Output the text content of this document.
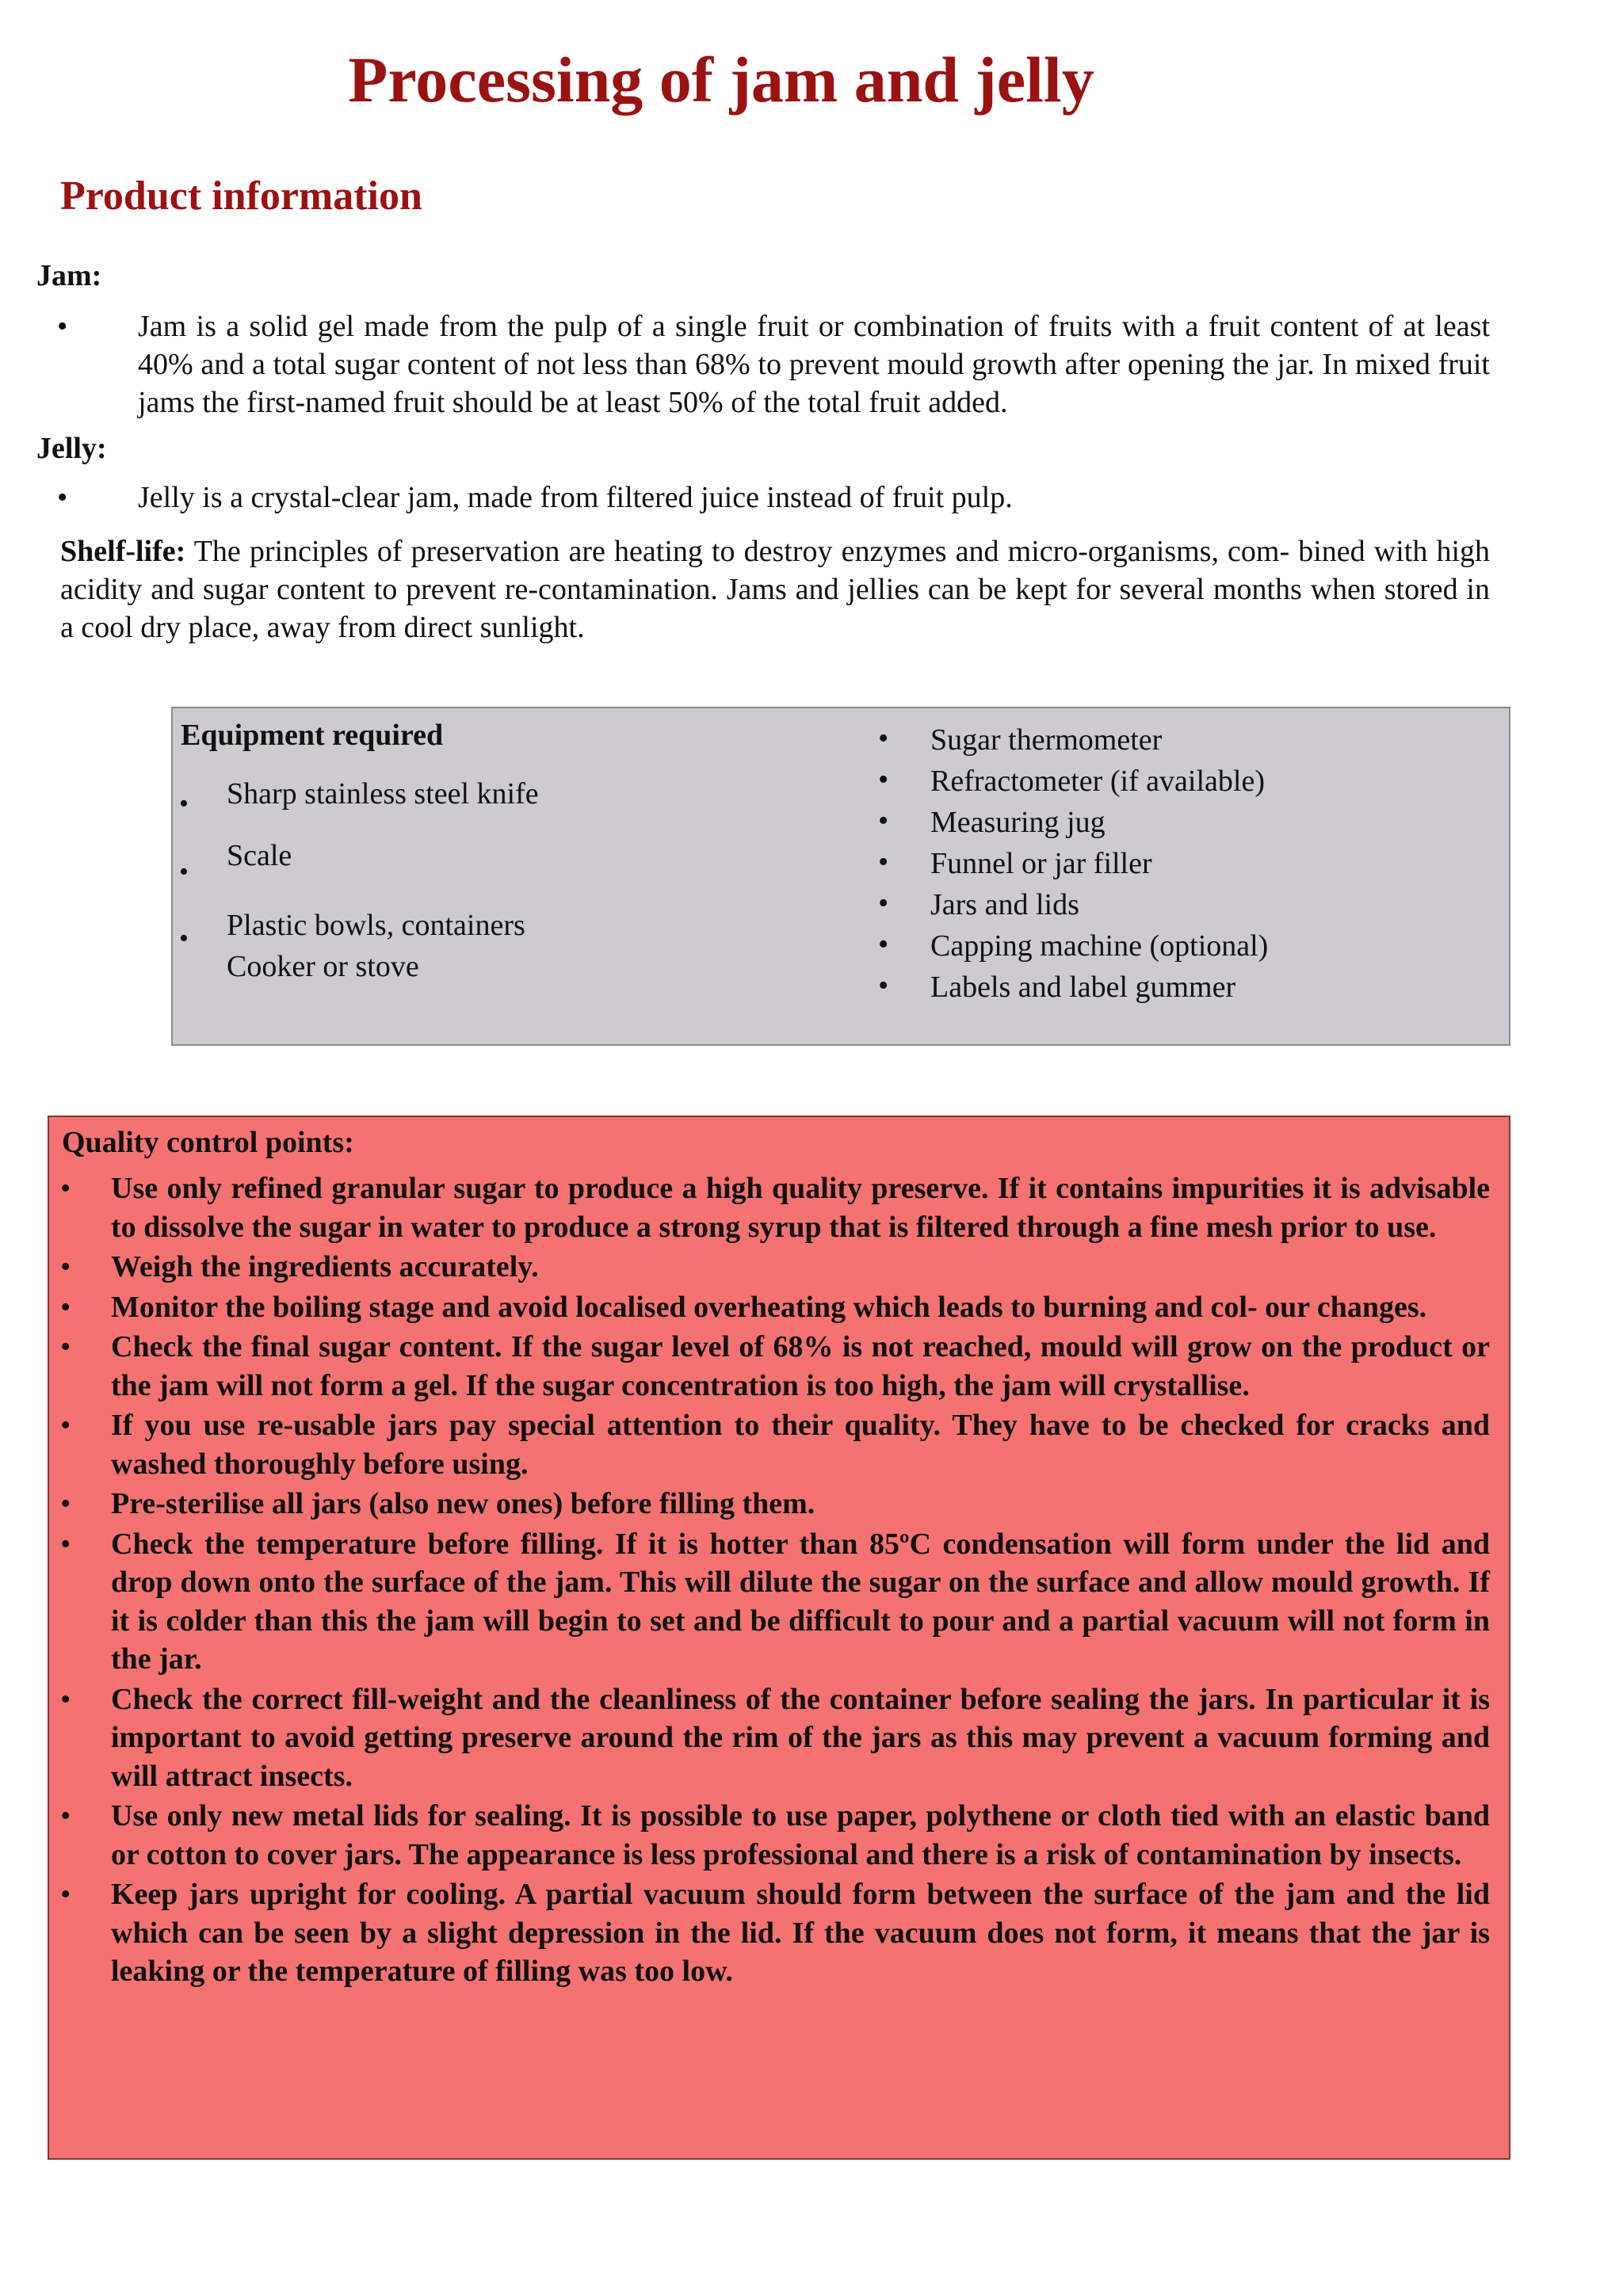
Processing of jam and jelly
Product information

Jam:

• Jam is a solid gel made from the pulp of a single fruit or combination of fruits with a fruit content of at least 40% and a total sugar content of not less than 68% to prevent mould growth after opening the jar. In mixed fruit jams the first-named fruit should be at least 50% of the total fruit added.

Jelly:

• Jelly is a crystal-clear jam, made from filtered juice instead of fruit pulp.
Shelf-life: The principles of preservation are heating to destroy enzymes and micro-organisms, com- bined with high acidity and sugar content to prevent re-contamination. Jams and jellies can be kept for several months when stored in a cool dry place, away from direct sunlight.

Equipment required

• Sharp stainless steel knife
• Scale
• Plastic bowls, containers
Cooker or stove
• Sugar thermometer
• Refractometer (if available)
• Measuring jug
• Funnel or jar filler
• Jars and lids
• Capping machine (optional)
• Labels and label gummer

Quality control points:

• Use only refined granular sugar to produce a high quality preserve. If it contains impurities it is advisable to dissolve the sugar in water to produce a strong syrup that is filtered through a fine mesh prior to use.
• Weigh the ingredients accurately.
• Monitor the boiling stage and avoid localised overheating which leads to burning and col- our changes.
• Check the final sugar content. If the sugar level of 68% is not reached, mould will grow on the product or the jam will not form a gel. If the sugar concentration is too high, the jam will crystallise.
• If you use re-usable jars pay special attention to their quality. They have to be checked for cracks and washed thoroughly before using.
• Pre-sterilise all jars (also new ones) before filling them.
• Check the temperature before filling. If it is hotter than 85ºC condensation will form under the lid and drop down onto the surface of the jam. This will dilute the sugar on the surface and allow mould growth. If it is colder than this the jam will begin to set and be difficult to pour and a partial vacuum will not form in the jar.
• Check the correct fill-weight and the cleanliness of the container before sealing the jars. In particular it is important to avoid getting preserve around the rim of the jars as this may prevent a vacuum forming and will attract insects.
• Use only new metal lids for sealing. It is possible to use paper, polythene or cloth tied with an elastic band or cotton to cover jars. The appearance is less professional and there is a risk of contamination by insects.
• Keep jars upright for cooling. A partial vacuum should form between the surface of the jam and the lid which can be seen by a slight depression in the lid. If the vacuum does not form, it means that the jar is leaking or the temperature of filling was too low.
